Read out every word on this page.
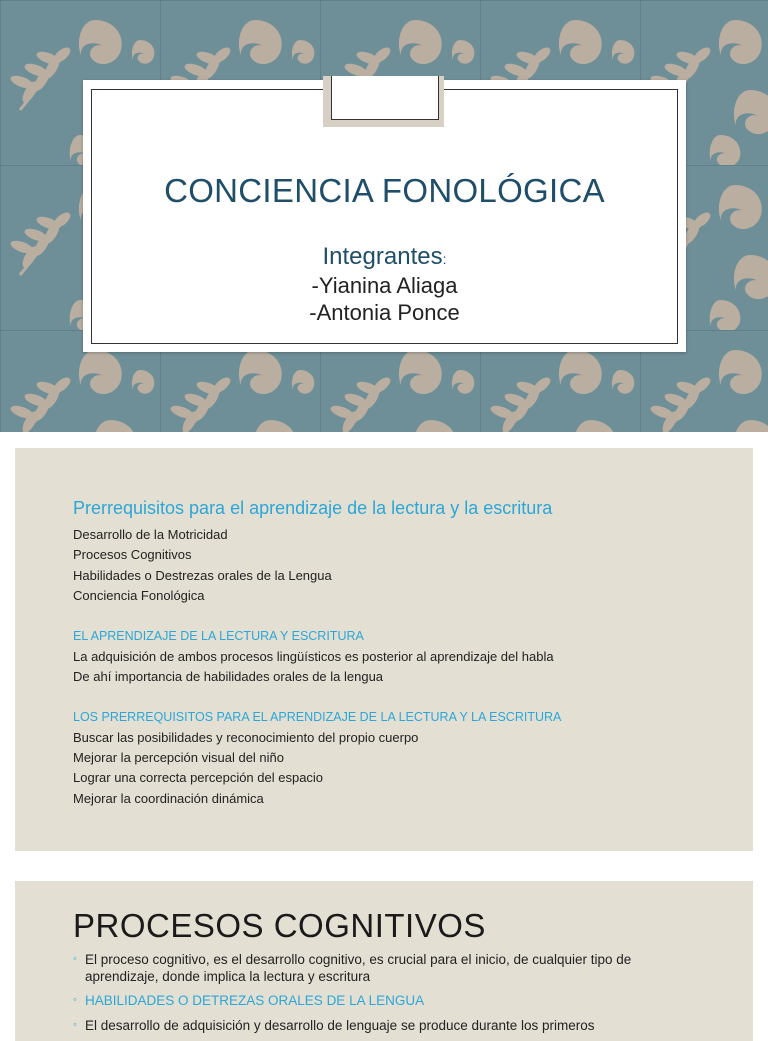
CONCIENCIA FONOLÓGICA
Integrantes:
-Yianina Aliaga
-Antonia Ponce
Prerrequisitos para el aprendizaje de la lectura y la escritura
Desarrollo de la Motricidad
Procesos Cognitivos
Habilidades o Destrezas orales de la Lengua
Conciencia Fonológica
EL APRENDIZAJE DE LA LECTURA Y ESCRITURA
La adquisición de ambos procesos lingüísticos es posterior al aprendizaje del habla
De ahí importancia de habilidades orales de la lengua
LOS PRERREQUISITOS PARA EL APRENDIZAJE DE LA LECTURA Y LA ESCRITURA
Buscar las posibilidades y reconocimiento del propio cuerpo
Mejorar la percepción visual del niño
Lograr una correcta percepción del espacio
Mejorar la coordinación dinámica
PROCESOS COGNITIVOS
◦ El proceso cognitivo, es el desarrollo cognitivo, es crucial para el inicio, de cualquier tipo de aprendizaje, donde implica la lectura y escritura
◦ HABILIDADES O DETREZAS ORALES DE LA LENGUA
◦ El desarrollo de adquisición y desarrollo de lenguaje se produce durante los primeros
